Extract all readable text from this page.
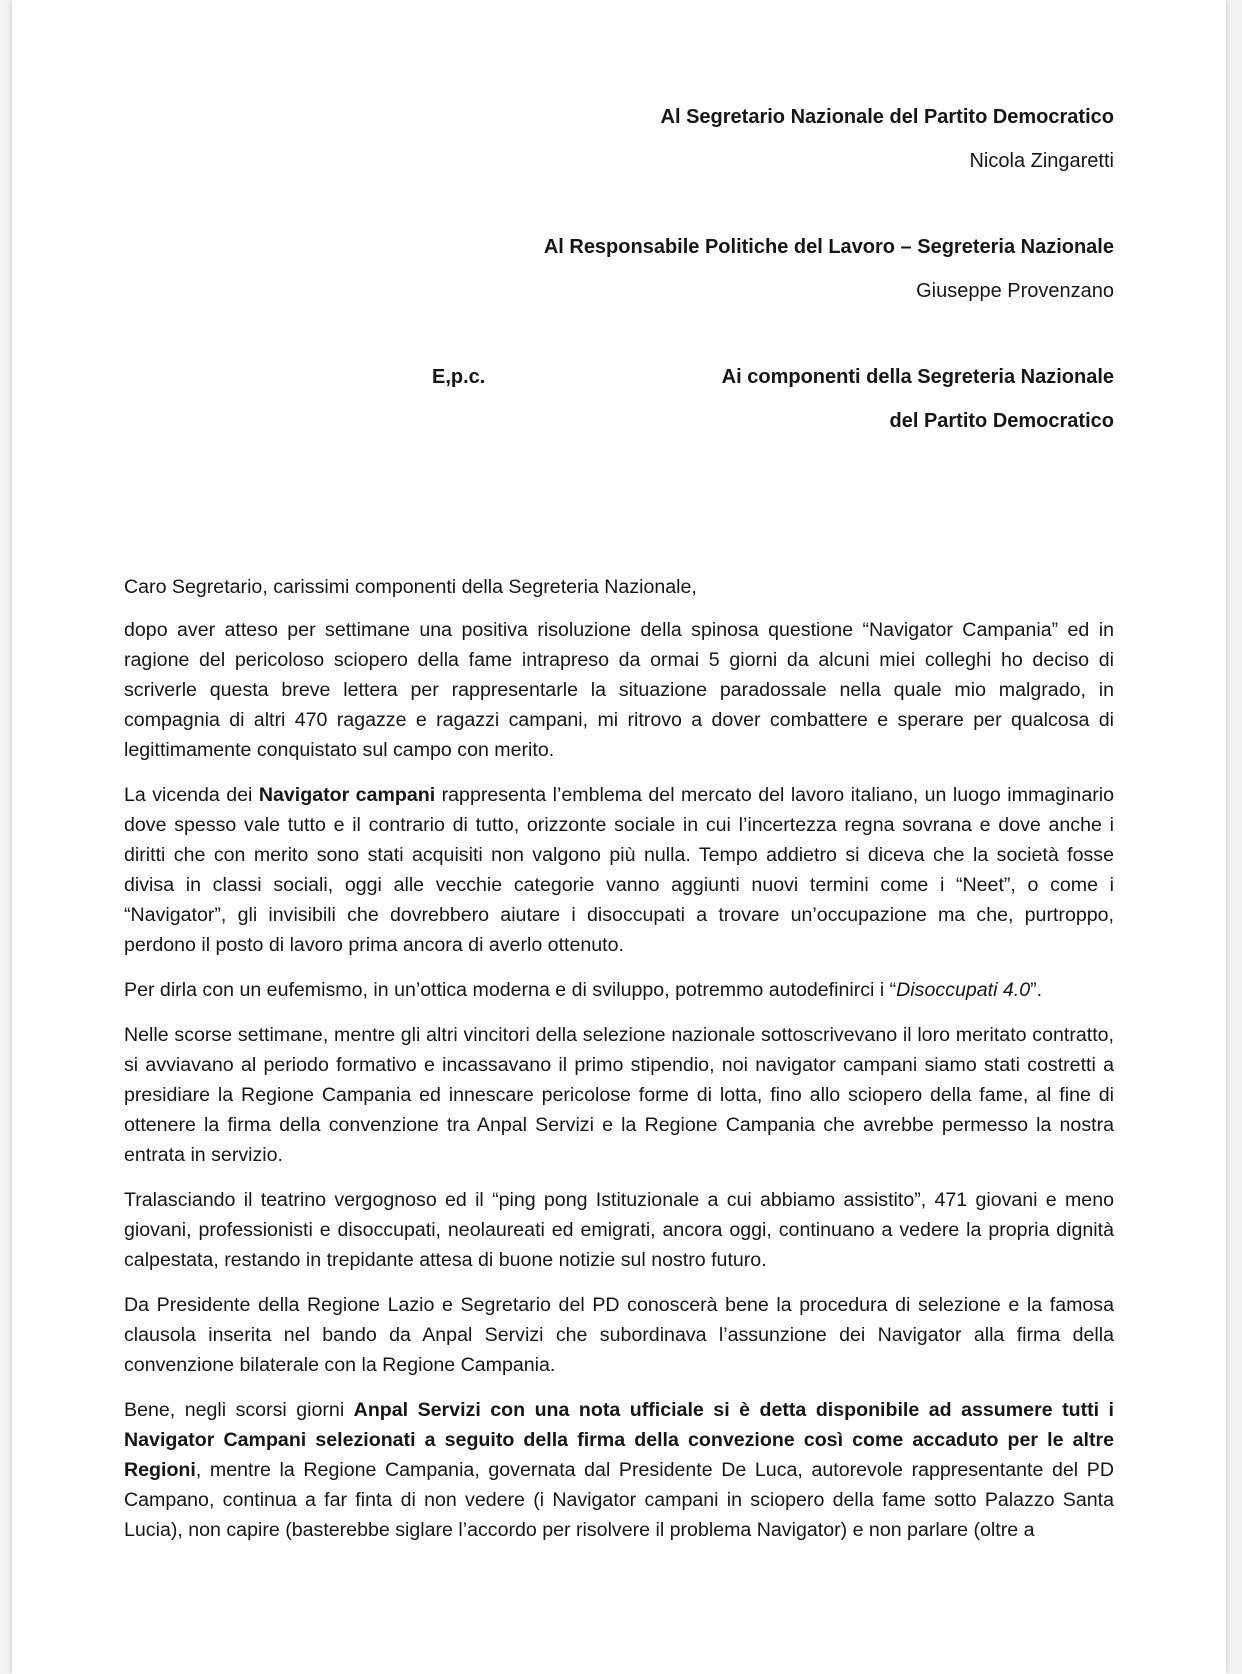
Al Segretario Nazionale del Partito Democratico
Nicola Zingaretti
Al Responsabile Politiche del Lavoro – Segreteria Nazionale
Giuseppe Provenzano
E,p.c.	Ai componenti della Segreteria Nazionale
del Partito Democratico

Caro Segretario, carissimi componenti della Segreteria Nazionale,

dopo aver atteso per settimane una positiva risoluzione della spinosa questione “Navigator Campania” ed in ragione del pericoloso sciopero della fame intrapreso da ormai 5 giorni da alcuni miei colleghi ho deciso di scriverle questa breve lettera per rappresentarle la situazione paradossale nella quale mio malgrado, in compagnia di altri 470 ragazze e ragazzi campani, mi ritrovo a dover combattere e sperare per qualcosa di legittimamente conquistato sul campo con merito.

La vicenda dei Navigator campani rappresenta l’emblema del mercato del lavoro italiano, un luogo immaginario dove spesso vale tutto e il contrario di tutto, orizzonte sociale in cui l’incertezza regna sovrana e dove anche i diritti che con merito sono stati acquisiti non valgono più nulla. Tempo addietro si diceva che la società fosse divisa in classi sociali, oggi alle vecchie categorie vanno aggiunti nuovi termini come i “Neet”, o come i “Navigator”, gli invisibili che dovrebbero aiutare i disoccupati a trovare un’occupazione ma che, purtroppo, perdono il posto di lavoro prima ancora di averlo ottenuto.

Per dirla con un eufemismo, in un’ottica moderna e di sviluppo, potremmo autodefinirci i “Disoccupati 4.0”.

Nelle scorse settimane, mentre gli altri vincitori della selezione nazionale sottoscrivevano il loro meritato contratto, si avviavano al periodo formativo e incassavano il primo stipendio, noi navigator campani siamo stati costretti a presidiare la Regione Campania ed innescare pericolose forme di lotta, fino allo sciopero della fame, al fine di ottenere la firma della convenzione tra Anpal Servizi e la Regione Campania che avrebbe permesso la nostra entrata in servizio.

Tralasciando il teatrino vergognoso ed il “ping pong Istituzionale a cui abbiamo assistito”, 471 giovani e meno giovani, professionisti e disoccupati, neolaureati ed emigrati, ancora oggi, continuano a vedere la propria dignità calpestata, restando in trepidante attesa di buone notizie sul nostro futuro.

Da Presidente della Regione Lazio e Segretario del PD conoscerà bene la procedura di selezione e la famosa clausola inserita nel bando da Anpal Servizi che subordinava l’assunzione dei Navigator alla firma della convenzione bilaterale con la Regione Campania.

Bene, negli scorsi giorni Anpal Servizi con una nota ufficiale si è detta disponibile ad assumere tutti i Navigator Campani selezionati a seguito della firma della convezione così come accaduto per le altre Regioni, mentre la Regione Campania, governata dal Presidente De Luca, autorevole rappresentante del PD Campano, continua a far finta di non vedere (i Navigator campani in sciopero della fame sotto Palazzo Santa Lucia), non capire (basterebbe siglare l’accordo per risolvere il problema Navigator) e non parlare (oltre a
